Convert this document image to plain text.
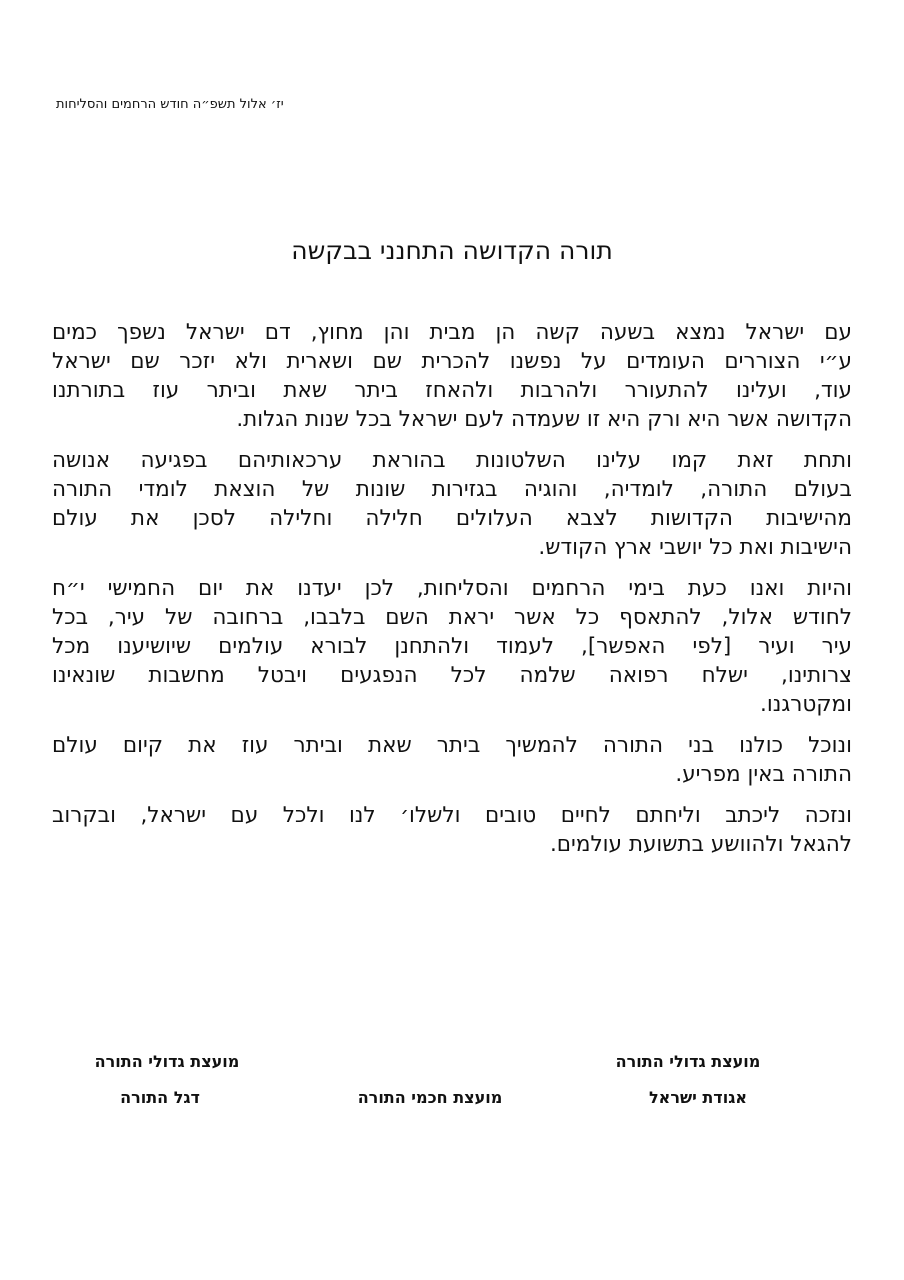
יז׳ אלול תשפ״ה חודש הרחמים והסליחות
תורה הקדושה התחנני בבקשה
עם ישראל נמצא בשעה קשה הן מבית והן מחוץ, דם ישראל נשפך כמים
ע״י הצוררים העומדים על נפשנו להכרית שם ושארית ולא יזכר שם ישראל
עוד, ועלינו להתעורר ולהרבות ולהאחז ביתר שאת וביתר עוז בתורתנו
הקדושה אשר היא ורק היא זו שעמדה לעם ישראל בכל שנות הגלות.
ותחת זאת קמו עלינו השלטונות בהוראת ערכאותיהם בפגיעה אנושה
בעולם התורה, לומדיה, והוגיה בגזירות שונות של הוצאת לומדי התורה
מהישיבות הקדושות לצבא העלולים חלילה וחלילה לסכן את עולם
הישיבות ואת כל יושבי ארץ הקודש.
והיות ואנו כעת בימי הרחמים והסליחות, לכן יעדנו את יום החמישי י״ח
לחודש אלול, להתאסף כל אשר יראת השם בלבבו, ברחובה של עיר, בכל
עיר ועיר [לפי האפשר], לעמוד ולהתחנן לבורא עולמים שיושיענו מכל
צרותינו, ישלח רפואה שלמה לכל הנפגעים ויבטל מחשבות שונאינו
ומקטרגנו.
ונוכל כולנו בני התורה להמשיך ביתר שאת וביתר עוז את קיום עולם
התורה באין מפריע.
ונזכה ליכתב וליחתם לחיים טובים ולשלו׳ לנו ולכל עם ישראל, ובקרוב
להגאל ולהוושע בתשועת עולמים.
מועצת גדולי התורה
אגודת ישראל
מועצת חכמי התורה
מועצת גדולי התורה
דגל התורה
